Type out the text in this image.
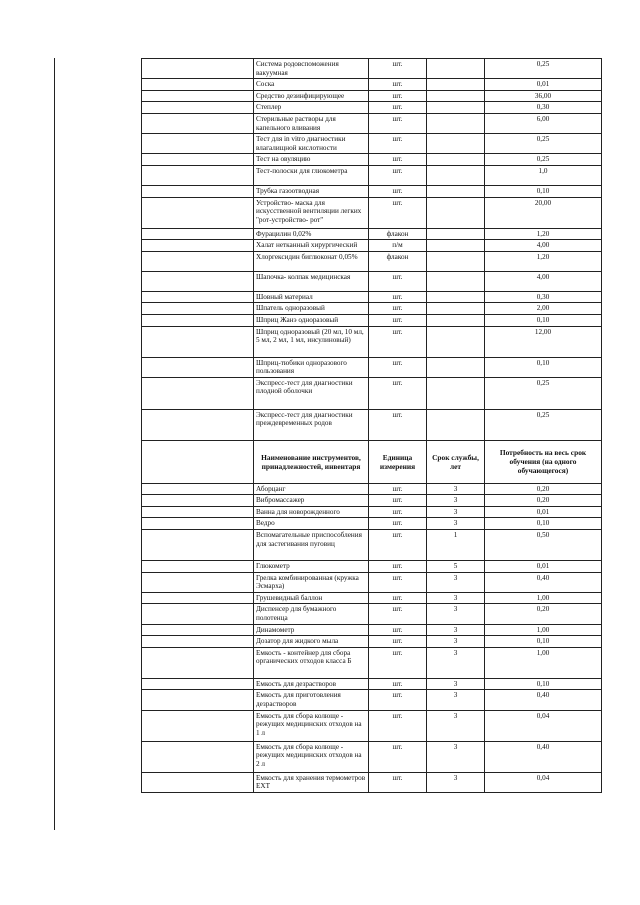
	Система родовспоможения вакуумная	шт.		0,25
	Соска	шт.		0,01
	Средство дезинфицирующее	шт.		36,00
	Степлер	шт.		0,30
	Стерильные растворы для капельного вливания	шт.		6,00
	Тест для in vitro диагностики влагалищной кислотности	шт.		0,25
	Тест на овуляцию	шт.		0,25
	Тест-полоски для глюкометра	шт.		1,0
	Трубка газоотводная	шт.		0,10
	Устройство- маска для искусственной вентиляции легких "рот-устройство- рот"	шт.		20,00
	Фурацилин 0,02%	флакон		1,20
	Халат нетканный хирургический	п/м		4,00
	Хлоргексидин биглюконат 0,05%	флакон		1,20
	Шапочка- колпак медицинская	шт.		4,00
	Шовный материал	шт.		0,30
	Шпатель одноразовый	шт.		2,00
	Шприц Жанэ одноразовый	шт.		0,10
	Шприц одноразовый (20 мл, 10 мл, 5 мл, 2 мл, 1 мл, инсулиновый)	шт.		12,00
	Шприц-тюбики одноразового пользования	шт.		0,10
	Экспресс-тест для диагностики плодной оболочки	шт.		0,25
	Экспресс-тест для диагностики преждевременных родов	шт.		0,25
	Наименование инструментов, принадлежностей, инвентаря	Единица измерения	Срок службы, лет	Потребность на весь срок обучения (на одного обучающегося)
	Аборцанг	шт.	3	0,20
	Вибромассажер	шт.	3	0,20
	Ванна для новорожденного	шт.	3	0,01
	Ведро	шт.	3	0,10
	Вспомагательные приспособления для застегивания пуговиц	шт.	1	0,50
	Глюкометр	шт.	5	0,01
	Грелка комбинированная (кружка Эсмарха)	шт.	3	0,40
	Грушевидный баллон	шт.	3	1,00
	Диспенсер для бумажного полотенца	шт.	3	0,20
	Динамометр	шт.	3	1,00
	Дозатор для жидкого мыла	шт.	3	0,10
	Емкость - контейнер для сбора органических отходов класса Б	шт.	3	1,00
	Емкость для дезрастворов	шт.	3	0,10
	Емкость для приготовления дезрастворов	шт.	3	0,40
	Емкость для сбора колюще - режущих медицинских отходов на 1 л	шт.	3	0,04
	Емкость для сбора колюще - режущих медицинских отходов на 2 л	шт.	3	0,40
	Емкость для хранения термометров EXT	шт.	3	0,04
